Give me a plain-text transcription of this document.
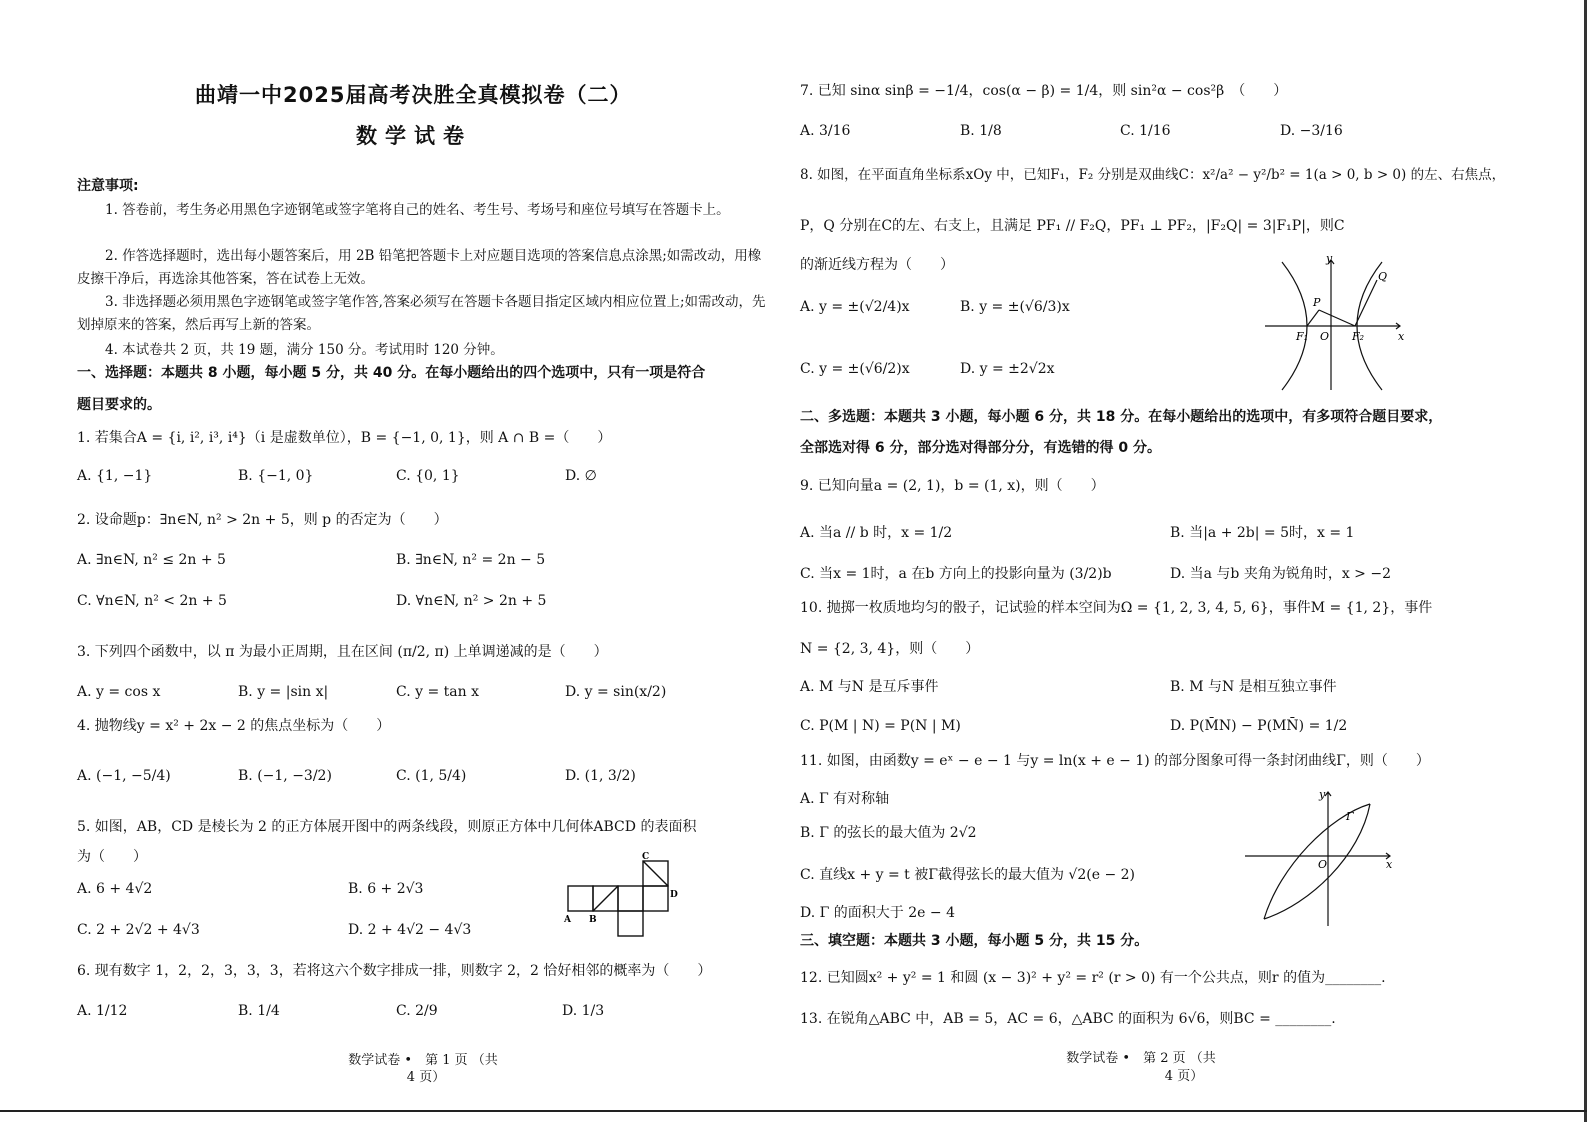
曲靖一中2025届高考决胜全真模拟卷（二）
数学试卷
注意事项:
1. 答卷前，考生务必用黑色字迹钢笔或签字笔将自己的姓名、考生号、考场号和座位号填写在答题卡上。
2. 作答选择题时，选出每小题答案后，用 2B 铅笔把答题卡上对应题目选项的答案信息点涂黑;如需改动，用橡皮擦干净后，再选涂其他答案，答在试卷上无效。
3. 非选择题必须用黑色字迹钢笔或签字笔作答,答案必须写在答题卡各题目指定区域内相应位置上;如需改动，先划掉原来的答案，然后再写上新的答案。
4. 本试卷共 2 页，共 19 题，满分 150 分。考试用时 120 分钟。
一、选择题：本题共 8 小题，每小题 5 分，共 40 分。在每小题给出的四个选项中，只有一项是符合
题目要求的。
1. 若集合A = {i, i², i³, i⁴}（i 是虚数单位），B = {−1, 0, 1}，则 A ∩ B =（　　）
A. {1, −1}	B. {−1, 0}	C. {0, 1}	D. ∅
2. 设命题p：∃n∈N, n² > 2n + 5，则 p 的否定为（　　）
A. ∃n∈N, n² ≤ 2n + 5	B. ∃n∈N, n² = 2n − 5
C. ∀n∈N, n² < 2n + 5	D. ∀n∈N, n² > 2n + 5
3. 下列四个函数中，以 π 为最小正周期，且在区间 (π/2, π) 上单调递减的是（　　）
A. y = cos x	B. y = |sin x|	C. y = tan x	D. y = sin(x/2)
4. 抛物线y = x² + 2x − 2 的焦点坐标为（　　）
A. (−1, −5/4)	B. (−1, −3/2)	C. (1, 5/4)	D. (1, 3/2)
5. 如图，AB，CD 是棱长为 2 的正方体展开图中的两条线段，则原正方体中几何体ABCD 的表面积
为（　　）
A. 6 + 4√2	B. 6 + 2√3
C. 2 + 2√2 + 4√3	D. 2 + 4√2 − 4√3
C
D
A B
6. 现有数字 1，2，2，3，3，3，若将这六个数字排成一排，则数字 2，2 恰好相邻的概率为（　　）
A. 1/12	B. 1/4	C. 2/9	D. 1/3
数学试卷 •　第 1 页 （共
4 页）
7. 已知 sinα sinβ = −1/4，cos(α − β) = 1/4，则 sin²α − cos²β　（　　）
A. 3/16	B. 1/8	C. 1/16	D. −3/16
8. 如图，在平面直角坐标系xOy 中，已知F₁，F₂ 分别是双曲线C：x²/a² − y²/b² = 1(a > 0, b > 0) 的左、右焦点，
P，Q 分别在C的左、右支上，且满足 PF₁ // F₂Q，PF₁ ⊥ PF₂，|F₂Q| = 3|F₁P|，则C
的渐近线方程为（　　）
A. y = ±(√2/4)x	B. y = ±(√6/3)x
C. y = ±(√6/2)x	D. y = ±2√2x
y
Q
P
F₁ O F₂	x
二、多选题：本题共 3 小题，每小题 6 分，共 18 分。在每小题给出的选项中，有多项符合题目要求，
全部选对得 6 分，部分选对得部分分，有选错的得 0 分。
9. 已知向量a = (2, 1)，b = (1, x)，则（　　）
A. 当a // b 时，x = 1/2	B. 当|a + 2b| = 5时，x = 1
C. 当x = 1时，a 在b 方向上的投影向量为 (3/2)b	D. 当a 与b 夹角为锐角时，x > −2
10. 抛掷一枚质地均匀的骰子，记试验的样本空间为Ω = {1, 2, 3, 4, 5, 6}，事件M = {1, 2}，事件
N = {2, 3, 4}，则（　　）
A. M 与N 是互斥事件	B. M 与N 是相互独立事件
C. P(M | N) = P(N | M)	D. P(M̄N) − P(MN̄) = 1/2
11. 如图，由函数y = eˣ − e − 1 与y = ln(x + e − 1) 的部分图象可得一条封闭曲线Γ，则（　　）
A. Γ 有对称轴
B. Γ 的弦长的最大值为 2√2
C. 直线x + y = t 被Γ截得弦长的最大值为 √2(e − 2)
D. Γ 的面积大于 2e − 4
y
Γ
O	x
三、填空题：本题共 3 小题，每小题 5 分，共 15 分。
12. 已知圆x² + y² = 1 和圆 (x − 3)² + y² = r² (r > 0) 有一个公共点，则r 的值为________.
13. 在锐角△ABC 中，AB = 5，AC = 6，△ABC 的面积为 6√6，则BC = ________.
数学试卷 •　第 2 页 （共
4 页）
